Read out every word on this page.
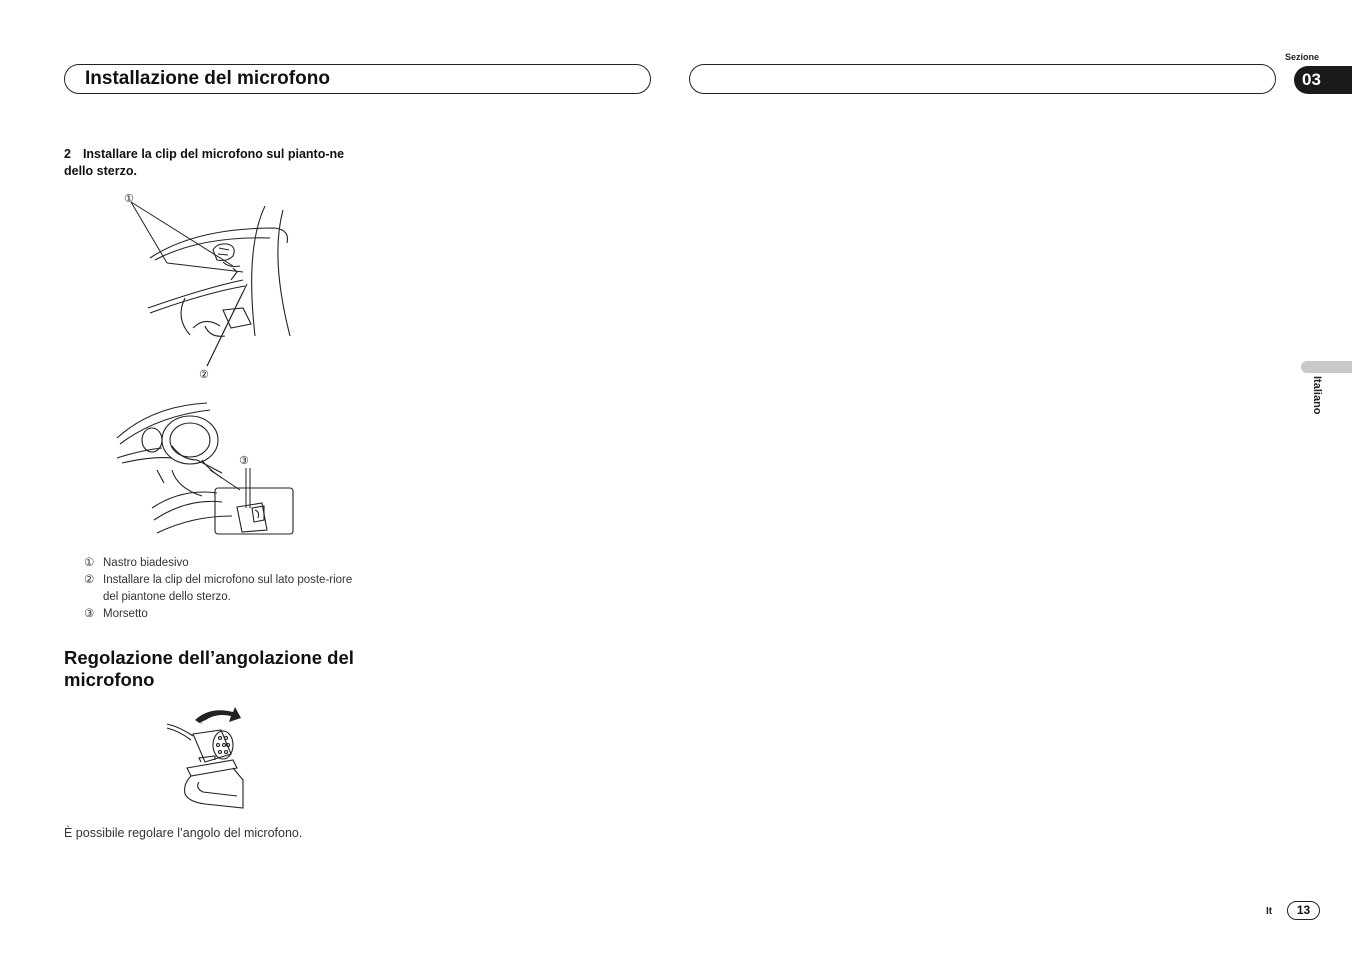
Installazione del microfono
Sezione
03
Italiano
2 Installare la clip del microfono sul pianto-ne dello sterzo.
①
②
③
① Nastro biadesivo
② Installare la clip del microfono sul lato poste-riore del piantone dello sterzo.
③ Morsetto
Regolazione dell’angolazione del microfono
È possibile regolare l’angolo del microfono.
It	13
